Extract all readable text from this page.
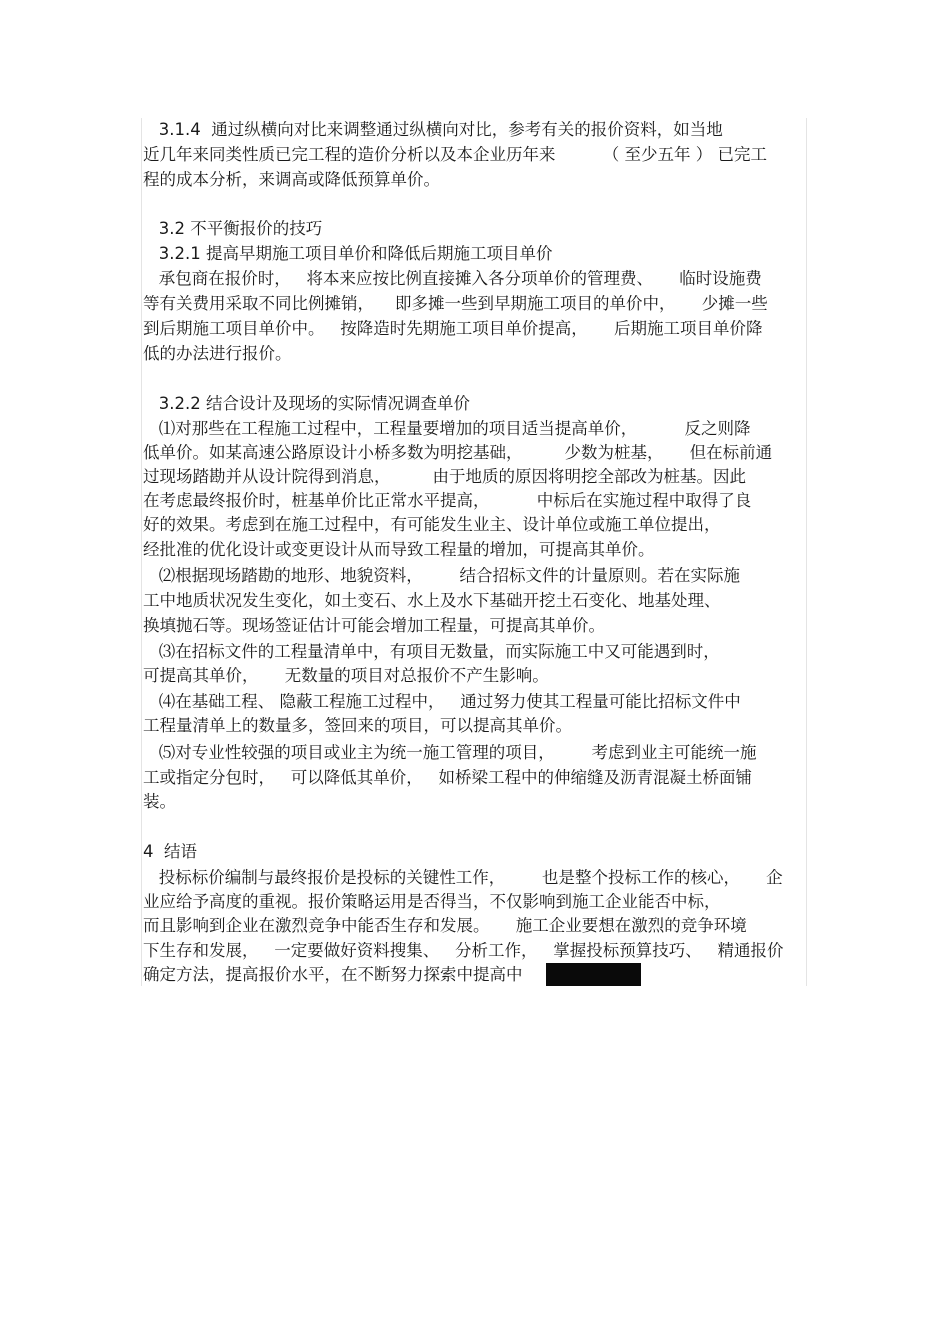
3.1.4  通过纵横向对比来调整通过纵横向对比，参考有关的报价资料，如当地

近几年来同类性质已完工程的造价分析以及本企业历年来         （ 至少五年 ） 已完工

程的成本分析，来调高或降低预算单价。

3.2 不平衡报价的技巧

3.2.1 提高早期施工项目单价和降低后期施工项目单价

承包商在报价时，   将本来应按比例直接摊入各分项单价的管理费、     临时设施费

等有关费用采取不同比例摊销，    即多摊一些到早期施工项目的单价中，     少摊一些

到后期施工项目单价中。   按降造时先期施工项目单价提高，     后期施工项目单价降

低的办法进行报价。

3.2.2 结合设计及现场的实际情况调查单价

⑴对那些在工程施工过程中，工程量要增加的项目适当提高单价，         反之则降

低单价。如某高速公路原设计小桥多数为明挖基础，        少数为桩基，     但在标前通

过现场踏勘并从设计院得到消息，        由于地质的原因将明挖全部改为桩基。因此

在考虑最终报价时，桩基单价比正常水平提高，         中标后在实施过程中取得了良

好的效果。考虑到在施工过程中，有可能发生业主、设计单位或施工单位提出，

经批准的优化设计或变更设计从而导致工程量的增加，可提高其单价。

⑵根据现场踏勘的地形、地貌资料，       结合招标文件的计量原则。若在实际施

工中地质状况发生变化，如土变石、水上及水下基础开挖土石变化、地基处理、

换填抛石等。现场签证估计可能会增加工程量，可提高其单价。

⑶在招标文件的工程量清单中，有项目无数量，而实际施工中又可能遇到时，

可提高其单价，     无数量的项目对总报价不产生影响。

⑷在基础工程、 隐蔽工程施工过程中，   通过努力使其工程量可能比招标文件中

工程量清单上的数量多，签回来的项目，可以提高其单价。

⑸对专业性较强的项目或业主为统一施工管理的项目，       考虑到业主可能统一施

工或指定分包时，   可以降低其单价，   如桥梁工程中的伸缩缝及沥青混凝土桥面铺

装。

4  结语

投标标价编制与最终报价是投标的关键性工作，       也是整个投标工作的核心，     企

业应给予高度的重视。报价策略运用是否得当，不仅影响到施工企业能否中标，

而且影响到企业在激烈竞争中能否生存和发展。     施工企业要想在激烈的竞争环境

下生存和发展，   一定要做好资料搜集、   分析工作，   掌握投标预算技巧、   精通报价

确定方法，提高报价水平，在不断努力探索中提高中
